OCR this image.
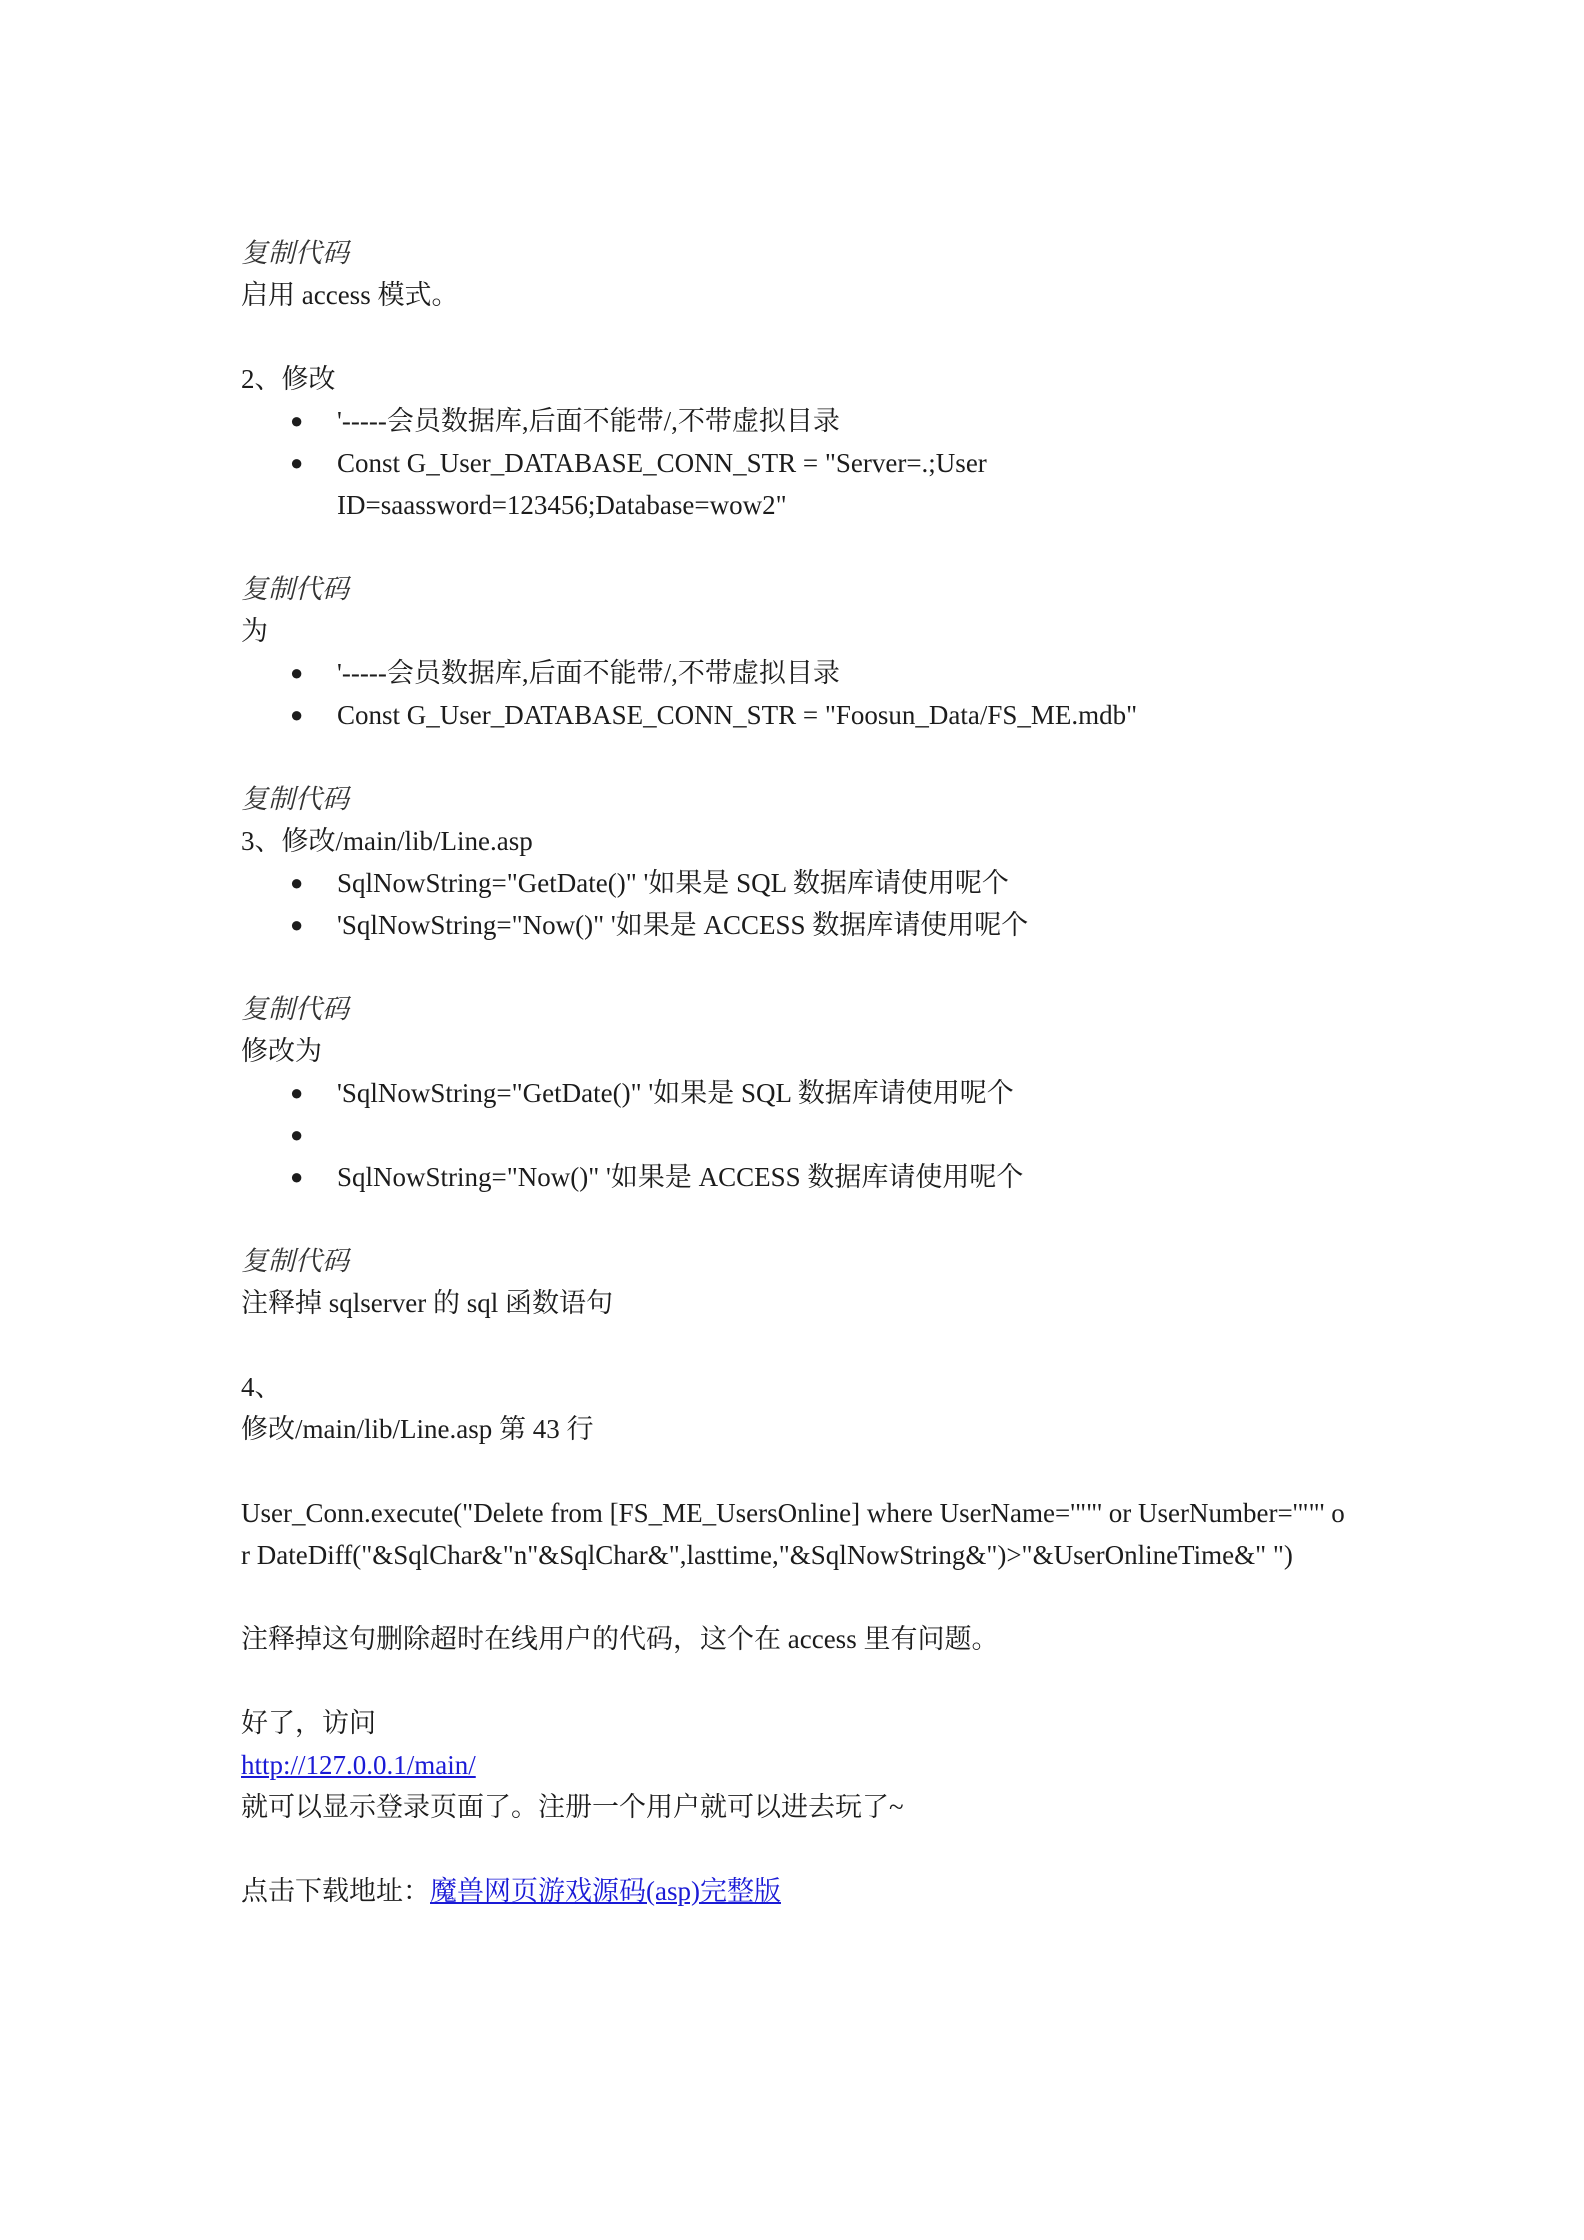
复制代码
启用 access 模式。
2、修改
● '-----会员数据库,后面不能带/,不带虚拟目录
● Const G_User_DATABASE_CONN_STR = "Server=.;User ID=saassword=123456;Database=wow2"
复制代码
为
● '-----会员数据库,后面不能带/,不带虚拟目录
● Const G_User_DATABASE_CONN_STR = "Foosun_Data/FS_ME.mdb"
复制代码
3、修改/main/lib/Line.asp
● SqlNowString="GetDate()" '如果是 SQL 数据库请使用呢个
● 'SqlNowString="Now()" '如果是 ACCESS 数据库请使用呢个
复制代码
修改为
● 'SqlNowString="GetDate()" '如果是 SQL 数据库请使用呢个
●
● SqlNowString="Now()" '如果是 ACCESS 数据库请使用呢个
复制代码
注释掉 sqlserver 的 sql 函数语句
4、
修改/main/lib/Line.asp 第 43 行
User_Conn.execute("Delete from [FS_ME_UsersOnline] where UserName='""' or UserNumber='""' or DateDiff("&SqlChar&"n"&SqlChar&",lasttime,"&SqlNowString&")>"&UserOnlineTime&" ")
注释掉这句删除超时在线用户的代码，这个在 access 里有问题。
好了，访问
http://127.0.0.1/main/
就可以显示登录页面了。注册一个用户就可以进去玩了~
点击下载地址：魔兽网页游戏源码(asp)完整版
